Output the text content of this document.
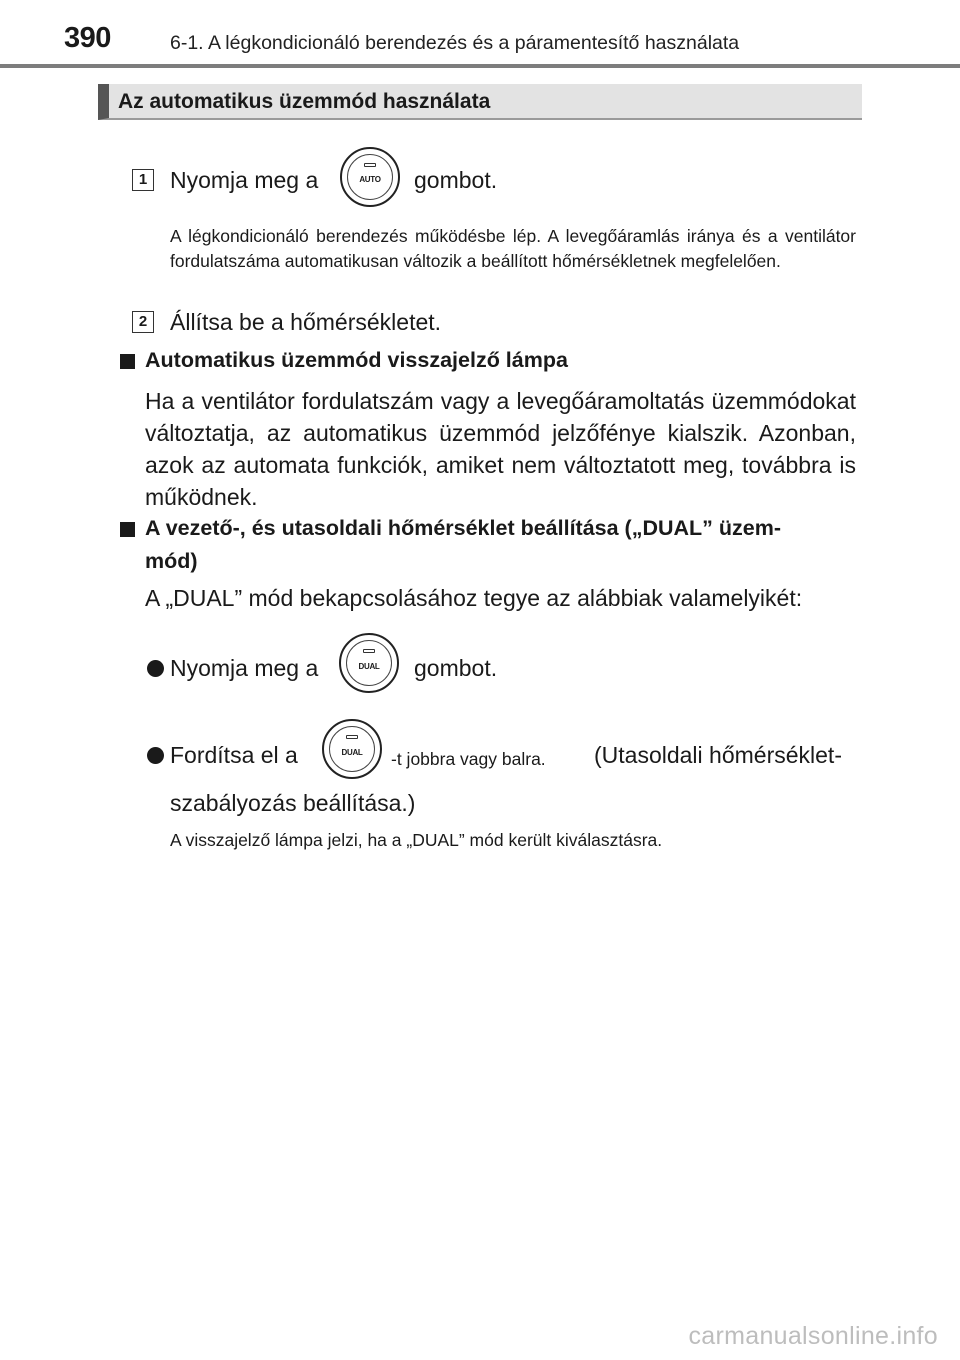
390	6-1. A légkondicionáló berendezés és a páramentesítő használata
Az automatikus üzemmód használata
1 Nyomja meg a	AUTO	gombot.
A légkondicionáló berendezés működésbe lép. A levegőáramlás iránya és a ventilátor fordulatszáma automatikusan változik a beállított hőmérsékletnek megfelelően.
2 Állítsa be a hőmérsékletet.
Automatikus üzemmód visszajelző lámpa
Ha a ventilátor fordulatszám vagy a levegőáramoltatás üzemmódokat változtatja, az automatikus üzemmód jelzőfénye kialszik. Azonban, azok az automata funkciók, amiket nem változtatott meg, továbbra is működnek.
A vezető-, és utasoldali hőmérséklet beállítása („DUAL” üzem-
mód)
A „DUAL” mód bekapcsolásához tegye az alábbiak valamelyikét:
Nyomja meg a	DUAL	gombot.
Fordítsa el a	DUAL	-t jobbra vagy balra. (Utasoldali hőmérséklet-
szabályozás beállítása.)
A visszajelző lámpa jelzi, ha a „DUAL” mód került kiválasztásra.
carmanualsonline.info
